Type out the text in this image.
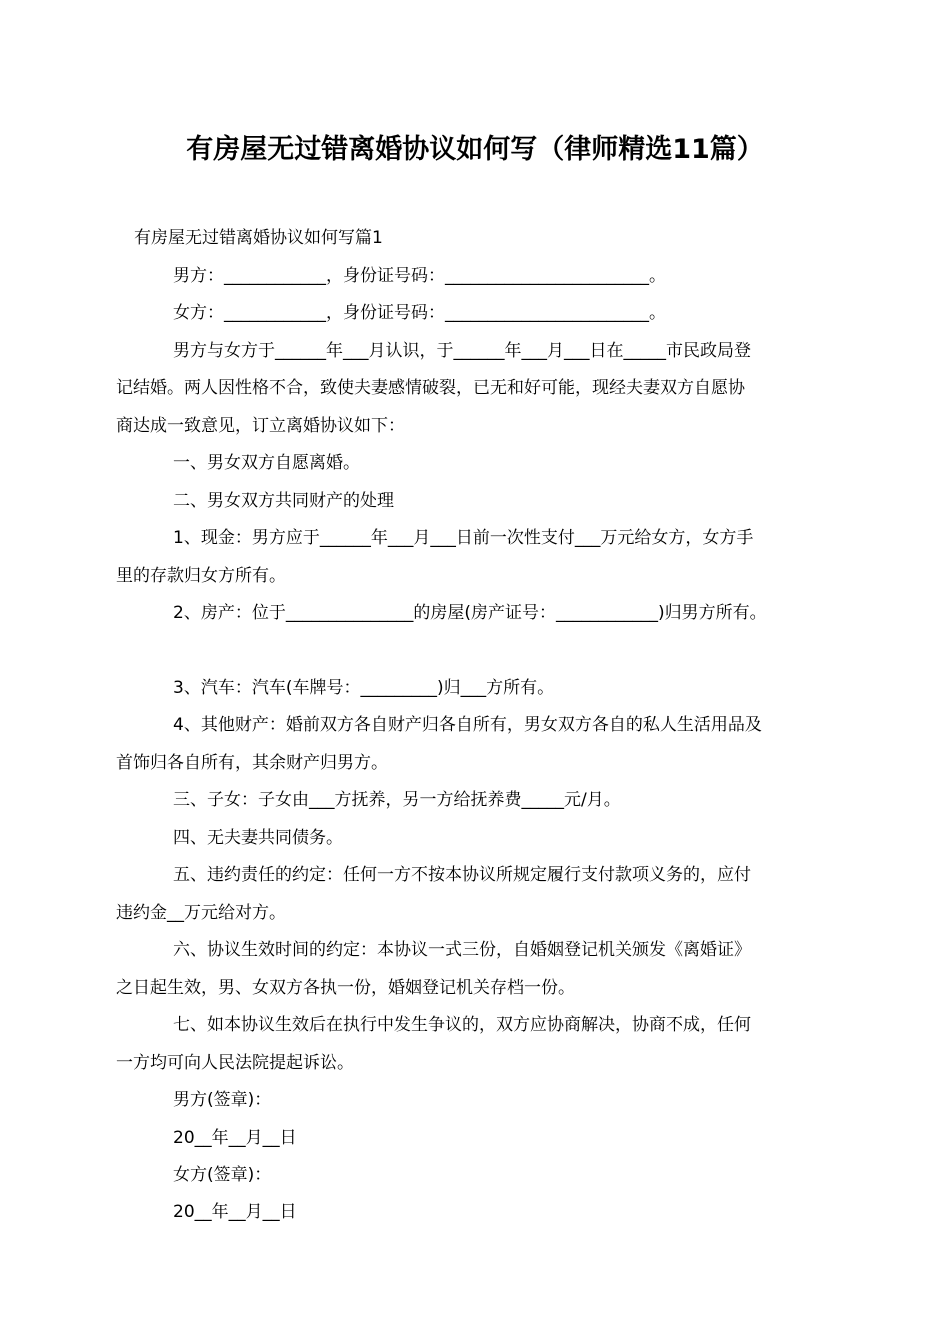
有房屋无过错离婚协议如何写（律师精选11篇）
有房屋无过错离婚协议如何写篇1
男方：____________，身份证号码：________________________。
女方：____________，身份证号码：________________________。
男方与女方于______年___月认识，于______年___月___日在_____市民政局登
记结婚。两人因性格不合，致使夫妻感情破裂，已无和好可能，现经夫妻双方自愿协
商达成一致意见，订立离婚协议如下：
一、男女双方自愿离婚。
二、男女双方共同财产的处理
1、现金：男方应于______年___月___日前一次性支付___万元给女方，女方手
里的存款归女方所有。
2、房产：位于_______________的房屋(房产证号：____________)归男方所有。
3、汽车：汽车(车牌号：_________)归___方所有。
4、其他财产：婚前双方各自财产归各自所有，男女双方各自的私人生活用品及
首饰归各自所有，其余财产归男方。
三、子女：子女由___方抚养，另一方给抚养费_____元/月。
四、无夫妻共同债务。
五、违约责任的约定：任何一方不按本协议所规定履行支付款项义务的，应付
违约金__万元给对方。
六、协议生效时间的约定：本协议一式三份，自婚姻登记机关颁发《离婚证》
之日起生效，男、女双方各执一份，婚姻登记机关存档一份。
七、如本协议生效后在执行中发生争议的，双方应协商解决，协商不成，任何
一方均可向人民法院提起诉讼。
男方(签章)：
20__年__月__日
女方(签章)：
20__年__月__日
